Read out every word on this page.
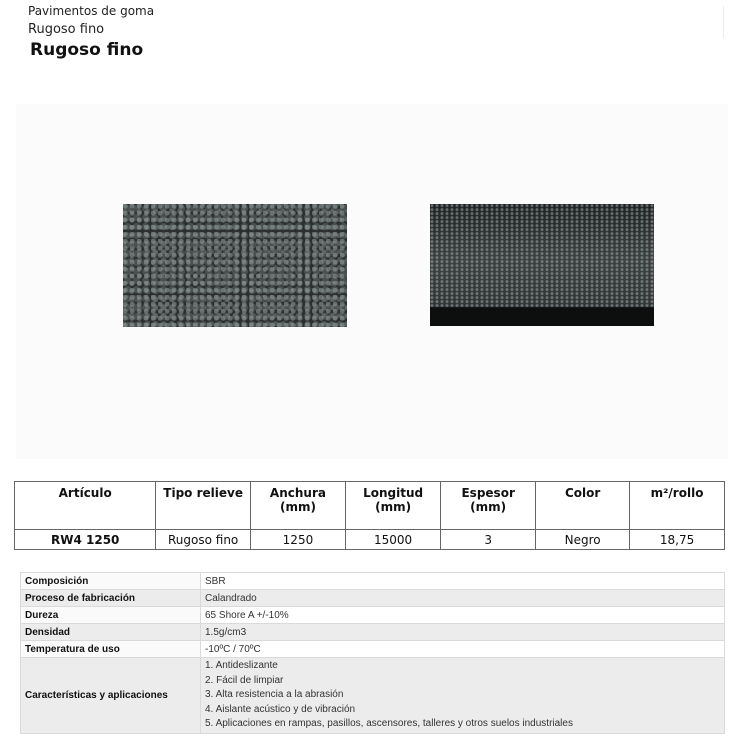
Pavimentos de goma
Rugoso fino
Rugoso fino
Artículo	Tipo relieve	Anchura (mm)	Longitud (mm)	Espesor (mm)	Color	m²/rollo
RW4 1250	Rugoso fino	1250	15000	3	Negro	18,75
Composición	SBR
Proceso de fabricación	Calandrado
Dureza	65 Shore A +/-10%
Densidad	1.5g/cm3
Temperatura de uso	-10ºC / 70ºC
Características y aplicaciones	1. Antideslizante
2. Fácil de limpiar
3. Alta resistencia a la abrasión
4. Aislante acústico y de vibración
5. Aplicaciones en rampas, pasillos, ascensores, talleres y otros suelos industriales
